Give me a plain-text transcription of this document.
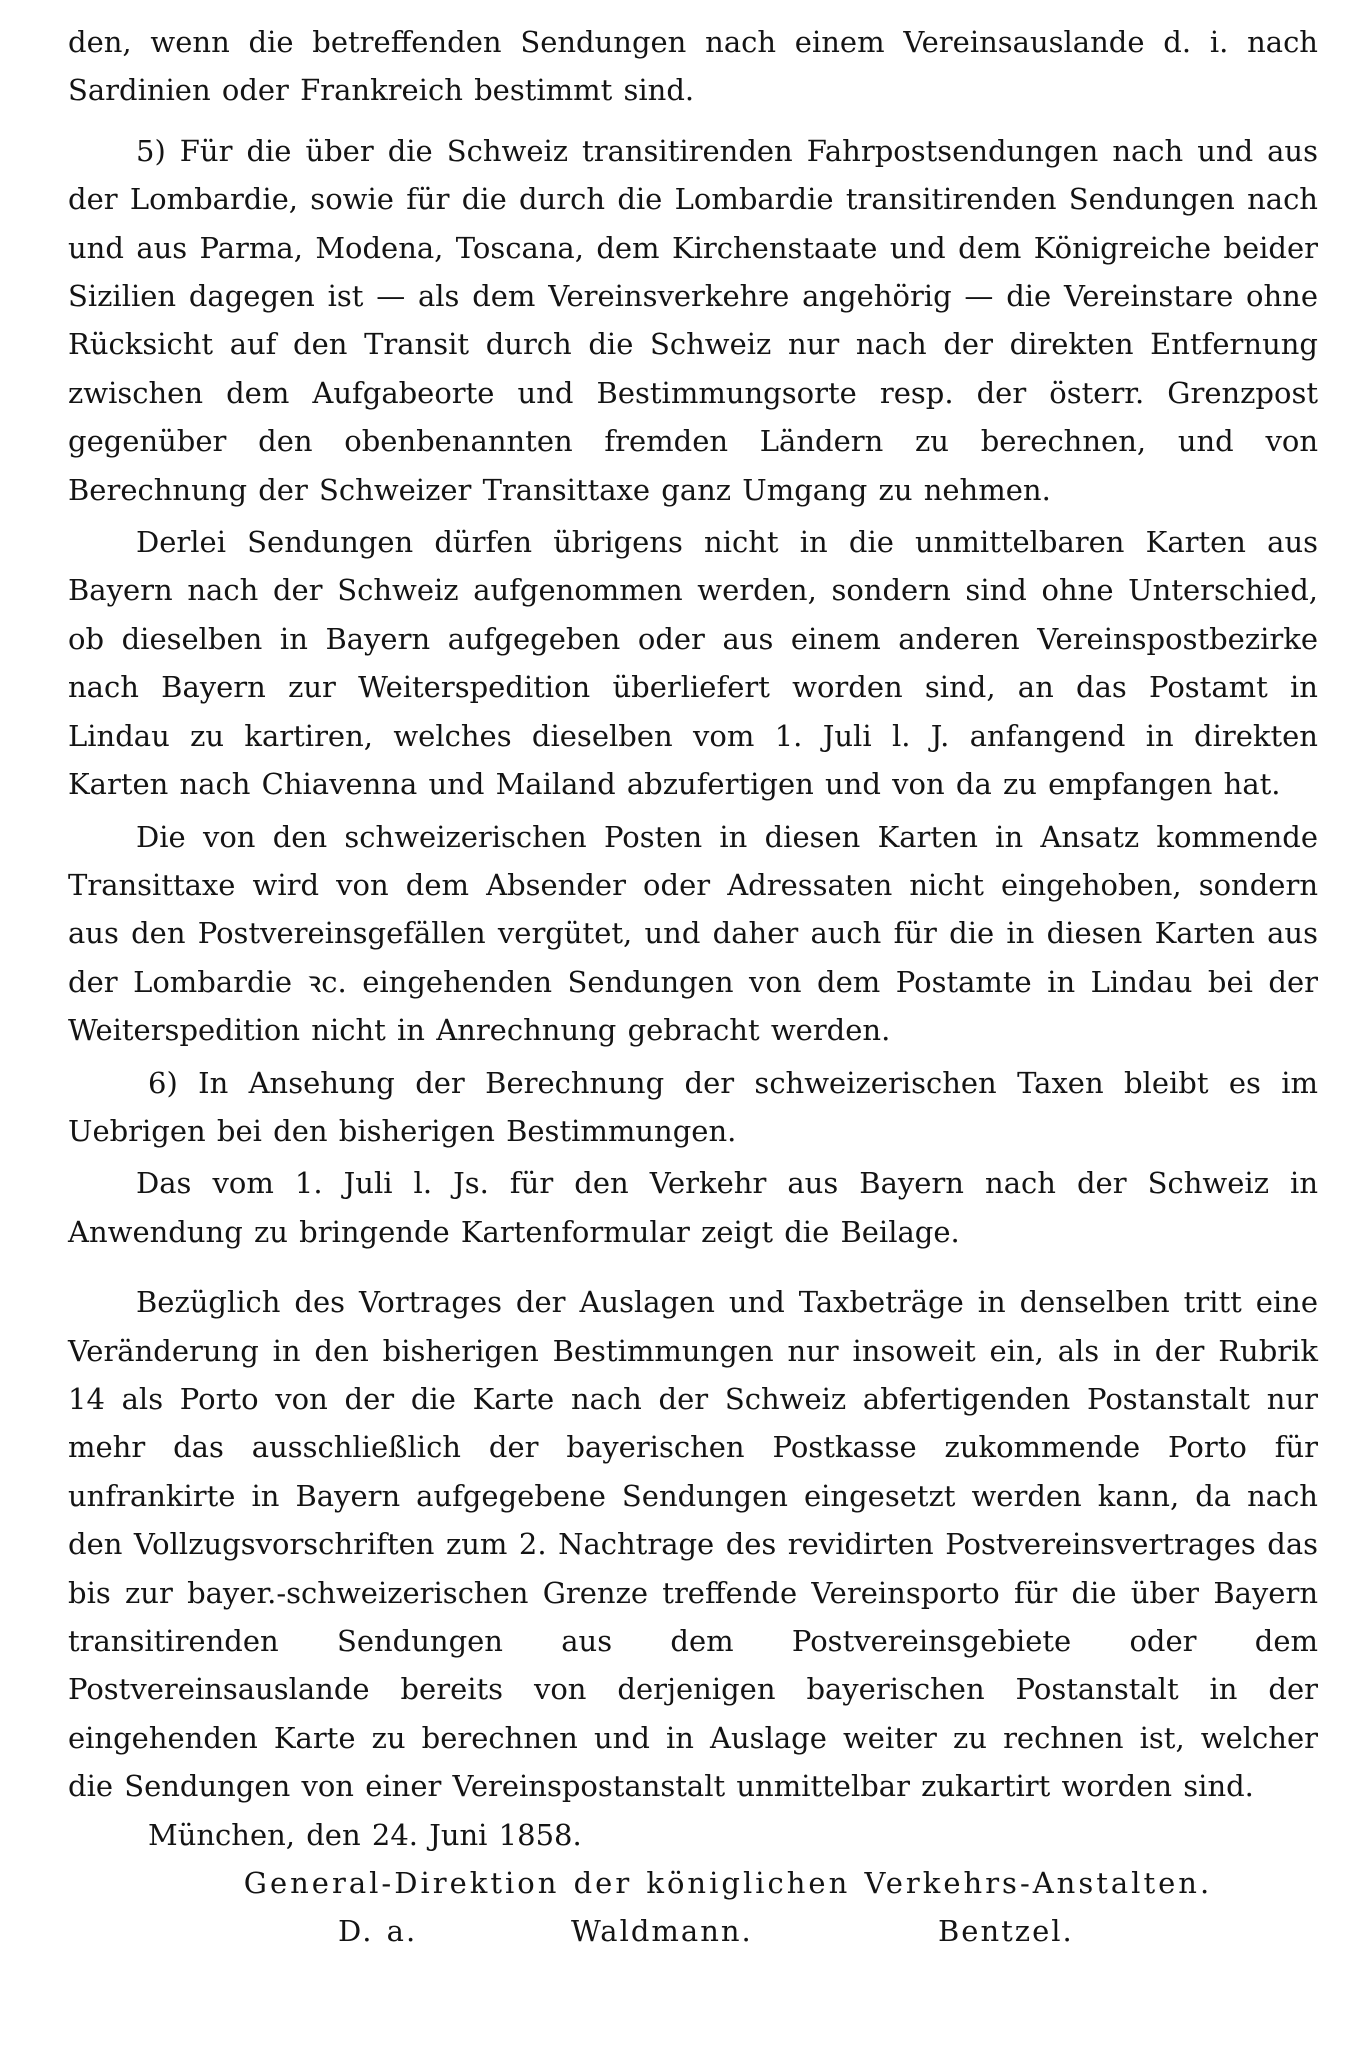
den, wenn die betreffenden Sendungen nach einem Vereinsauslande d. i. nach Sardinien oder Frankreich bestimmt sind.

5) Für die über die Schweiz transitirenden Fahrpostsendungen nach und aus der Lombardie, sowie für die durch die Lombardie transitirenden Sendungen nach und aus Parma, Modena, Toscana, dem Kirchenstaate und dem Königreiche beider Sizilien dagegen ist — als dem Vereinsverkehre angehörig — die Vereinstare ohne Rücksicht auf den Transit durch die Schweiz nur nach der direkten Entfernung zwischen dem Aufgabeorte und Bestimmungsorte resp. der österr. Grenzpost gegenüber den obenbenannten fremden Ländern zu berechnen, und von Berechnung der Schweizer Transittaxe ganz Umgang zu nehmen.

Derlei Sendungen dürfen übrigens nicht in die unmittelbaren Karten aus Bayern nach der Schweiz aufgenommen werden, sondern sind ohne Unterschied, ob dieselben in Bayern aufgegeben oder aus einem anderen Vereinspostbezirke nach Bayern zur Weiterspedition überliefert worden sind, an das Postamt in Lindau zu kartiren, welches dieselben vom 1. Juli l. J. anfangend in direkten Karten nach Chiavenna und Mailand abzufertigen und von da zu empfangen hat.

Die von den schweizerischen Posten in diesen Karten in Ansatz kommende Transittaxe wird von dem Absender oder Adressaten nicht eingehoben, sondern aus den Postvereinsgefällen vergütet, und daher auch für die in diesen Karten aus der Lombardie ꝛc. eingehenden Sendungen von dem Postamte in Lindau bei der Weiterspedition nicht in Anrechnung gebracht werden.

6) In Ansehung der Berechnung der schweizerischen Taxen bleibt es im Uebrigen bei den bisherigen Bestimmungen.

Das vom 1. Juli l. Js. für den Verkehr aus Bayern nach der Schweiz in Anwendung zu bringende Kartenformular zeigt die Beilage.

Bezüglich des Vortrages der Auslagen und Taxbeträge in denselben tritt eine Veränderung in den bisherigen Bestimmungen nur insoweit ein, als in der Rubrik 14 als Porto von der die Karte nach der Schweiz abfertigenden Postanstalt nur mehr das ausschließlich der bayerischen Postkasse zukommende Porto für unfrankirte in Bayern aufgegebene Sendungen eingesetzt werden kann, da nach den Vollzugsvorschriften zum 2. Nachtrage des revidirten Postvereinsvertrages das bis zur bayer.-schweizerischen Grenze treffende Vereinsporto für die über Bayern transitirenden Sendungen aus dem Postvereinsgebiete oder dem Postvereinsauslande bereits von derjenigen bayerischen Postanstalt in der eingehenden Karte zu berechnen und in Auslage weiter zu rechnen ist, welcher die Sendungen von einer Vereinspostanstalt unmittelbar zukartirt worden sind.

München, den 24. Juni 1858.

General-Direktion der königlichen Verkehrs-Anstalten.

D. a.	Waldmann.	Bentzel.
